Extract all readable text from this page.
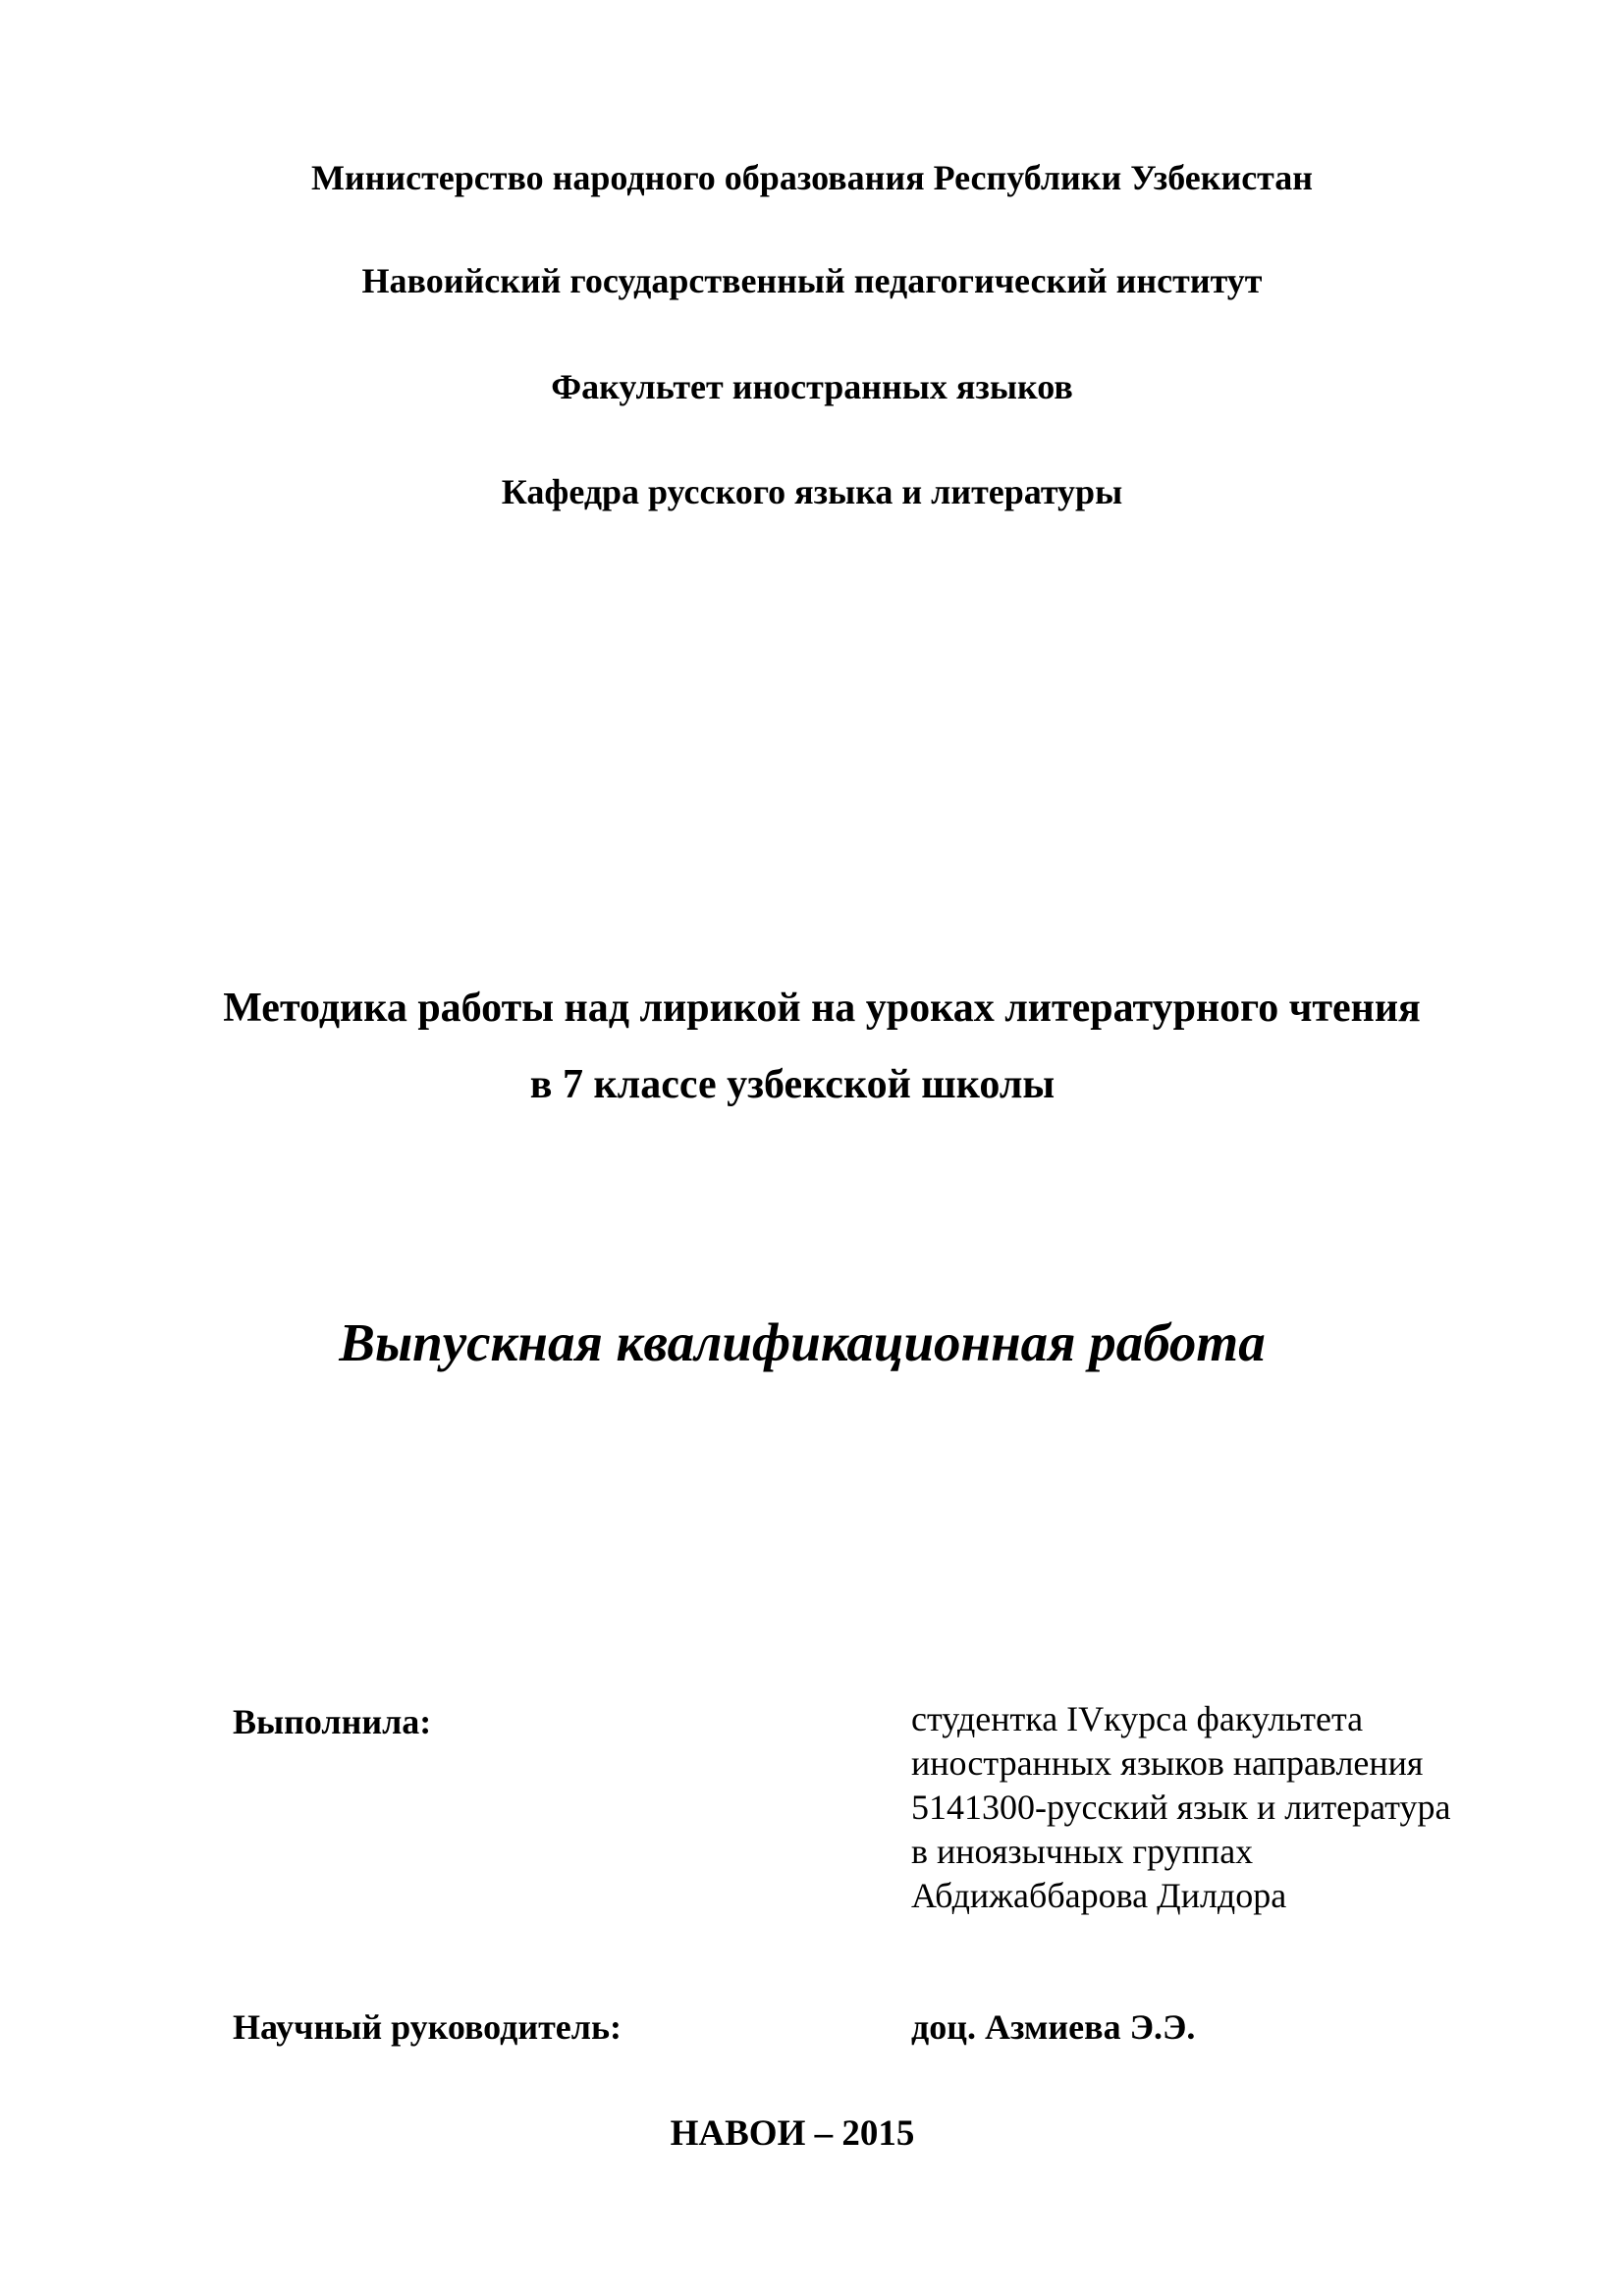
Министерство народного образования Республики Узбекистан
Навоийский государственный педагогический институт
Факультет иностранных языков
Кафедра русского языка и литературы
Методика работы над лирикой на уроках литературного чтения
в 7 классе узбекской школы
Выпускная квалификационная работа
Выполнила:	студентка IVкурса факультета
иностранных языков направления
5141300-русский язык и литература
в иноязычных группах
Абдижаббарова Дилдора
Научный руководитель:	доц. Азмиева Э.Э.
НАВОИ – 2015
